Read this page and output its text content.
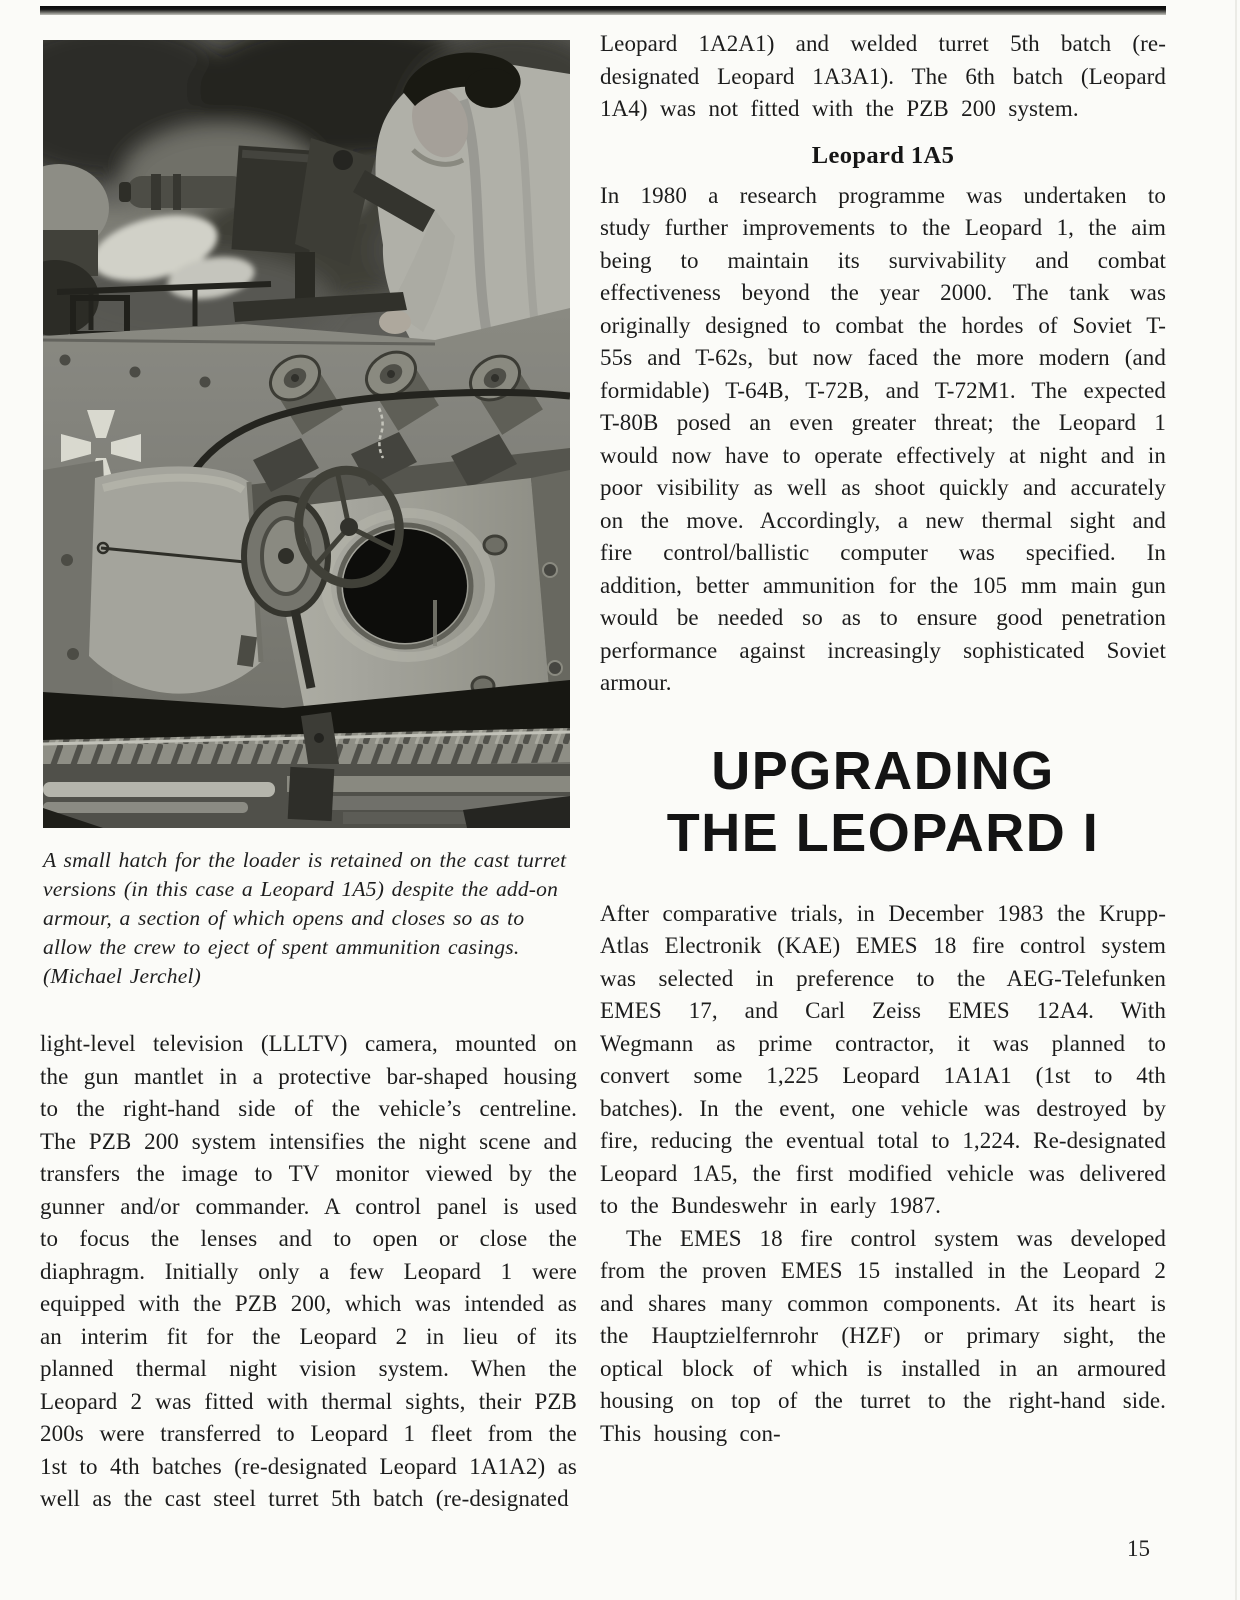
A small hatch for the loader is retained on the cast turret versions (in this case a Leopard 1A5) despite the add-on armour, a section of which opens and closes so as to allow the crew to eject of spent ammunition casings.
(Michael Jerchel)

light-level television (LLLTV) camera, mounted on the gun mantlet in a protective bar-shaped housing to the right-hand side of the vehicle’s centreline. The PZB 200 system intensifies the night scene and transfers the image to TV monitor viewed by the gunner and/or commander. A control panel is used to focus the lenses and to open or close the diaphragm. Initially only a few Leopard 1 were equipped with the PZB 200, which was intended as an interim fit for the Leopard 2 in lieu of its planned thermal night vision system. When the Leopard 2 was fitted with thermal sights, their PZB 200s were transferred to Leopard 1 fleet from the 1st to 4th batches (re-designated Leopard 1A1A2) as well as the cast steel turret 5th batch (re-designated

Leopard 1A2A1) and welded turret 5th batch (re-designated Leopard 1A3A1). The 6th batch (Leopard 1A4) was not fitted with the PZB 200 system.

Leopard 1A5

In 1980 a research programme was undertaken to study further improvements to the Leopard 1, the aim being to maintain its survivability and combat effectiveness beyond the year 2000. The tank was originally designed to combat the hordes of Soviet T-55s and T-62s, but now faced the more modern (and formidable) T-64B, T-72B, and T-72M1. The expected T-80B posed an even greater threat; the Leopard 1 would now have to operate effectively at night and in poor visibility as well as shoot quickly and accurately on the move. Accordingly, a new thermal sight and fire control/ballistic computer was specified. In addition, better ammunition for the 105 mm main gun would be needed so as to ensure good penetration performance against increasingly sophisticated Soviet armour.

UPGRADING
THE LEOPARD I

After comparative trials, in December 1983 the Krupp-Atlas Electronik (KAE) EMES 18 fire control system was selected in preference to the AEG-Telefunken EMES 17, and Carl Zeiss EMES 12A4. With Wegmann as prime contractor, it was planned to convert some 1,225 Leopard 1A1A1 (1st to 4th batches). In the event, one vehicle was destroyed by fire, reducing the eventual total to 1,224. Re-designated Leopard 1A5, the first modified vehicle was delivered to the Bundeswehr in early 1987.

The EMES 18 fire control system was developed from the proven EMES 15 installed in the Leopard 2 and shares many common components. At its heart is the Hauptzielfernrohr (HZF) or primary sight, the optical block of which is installed in an armoured housing on top of the turret to the right-hand side. This housing con-

15
